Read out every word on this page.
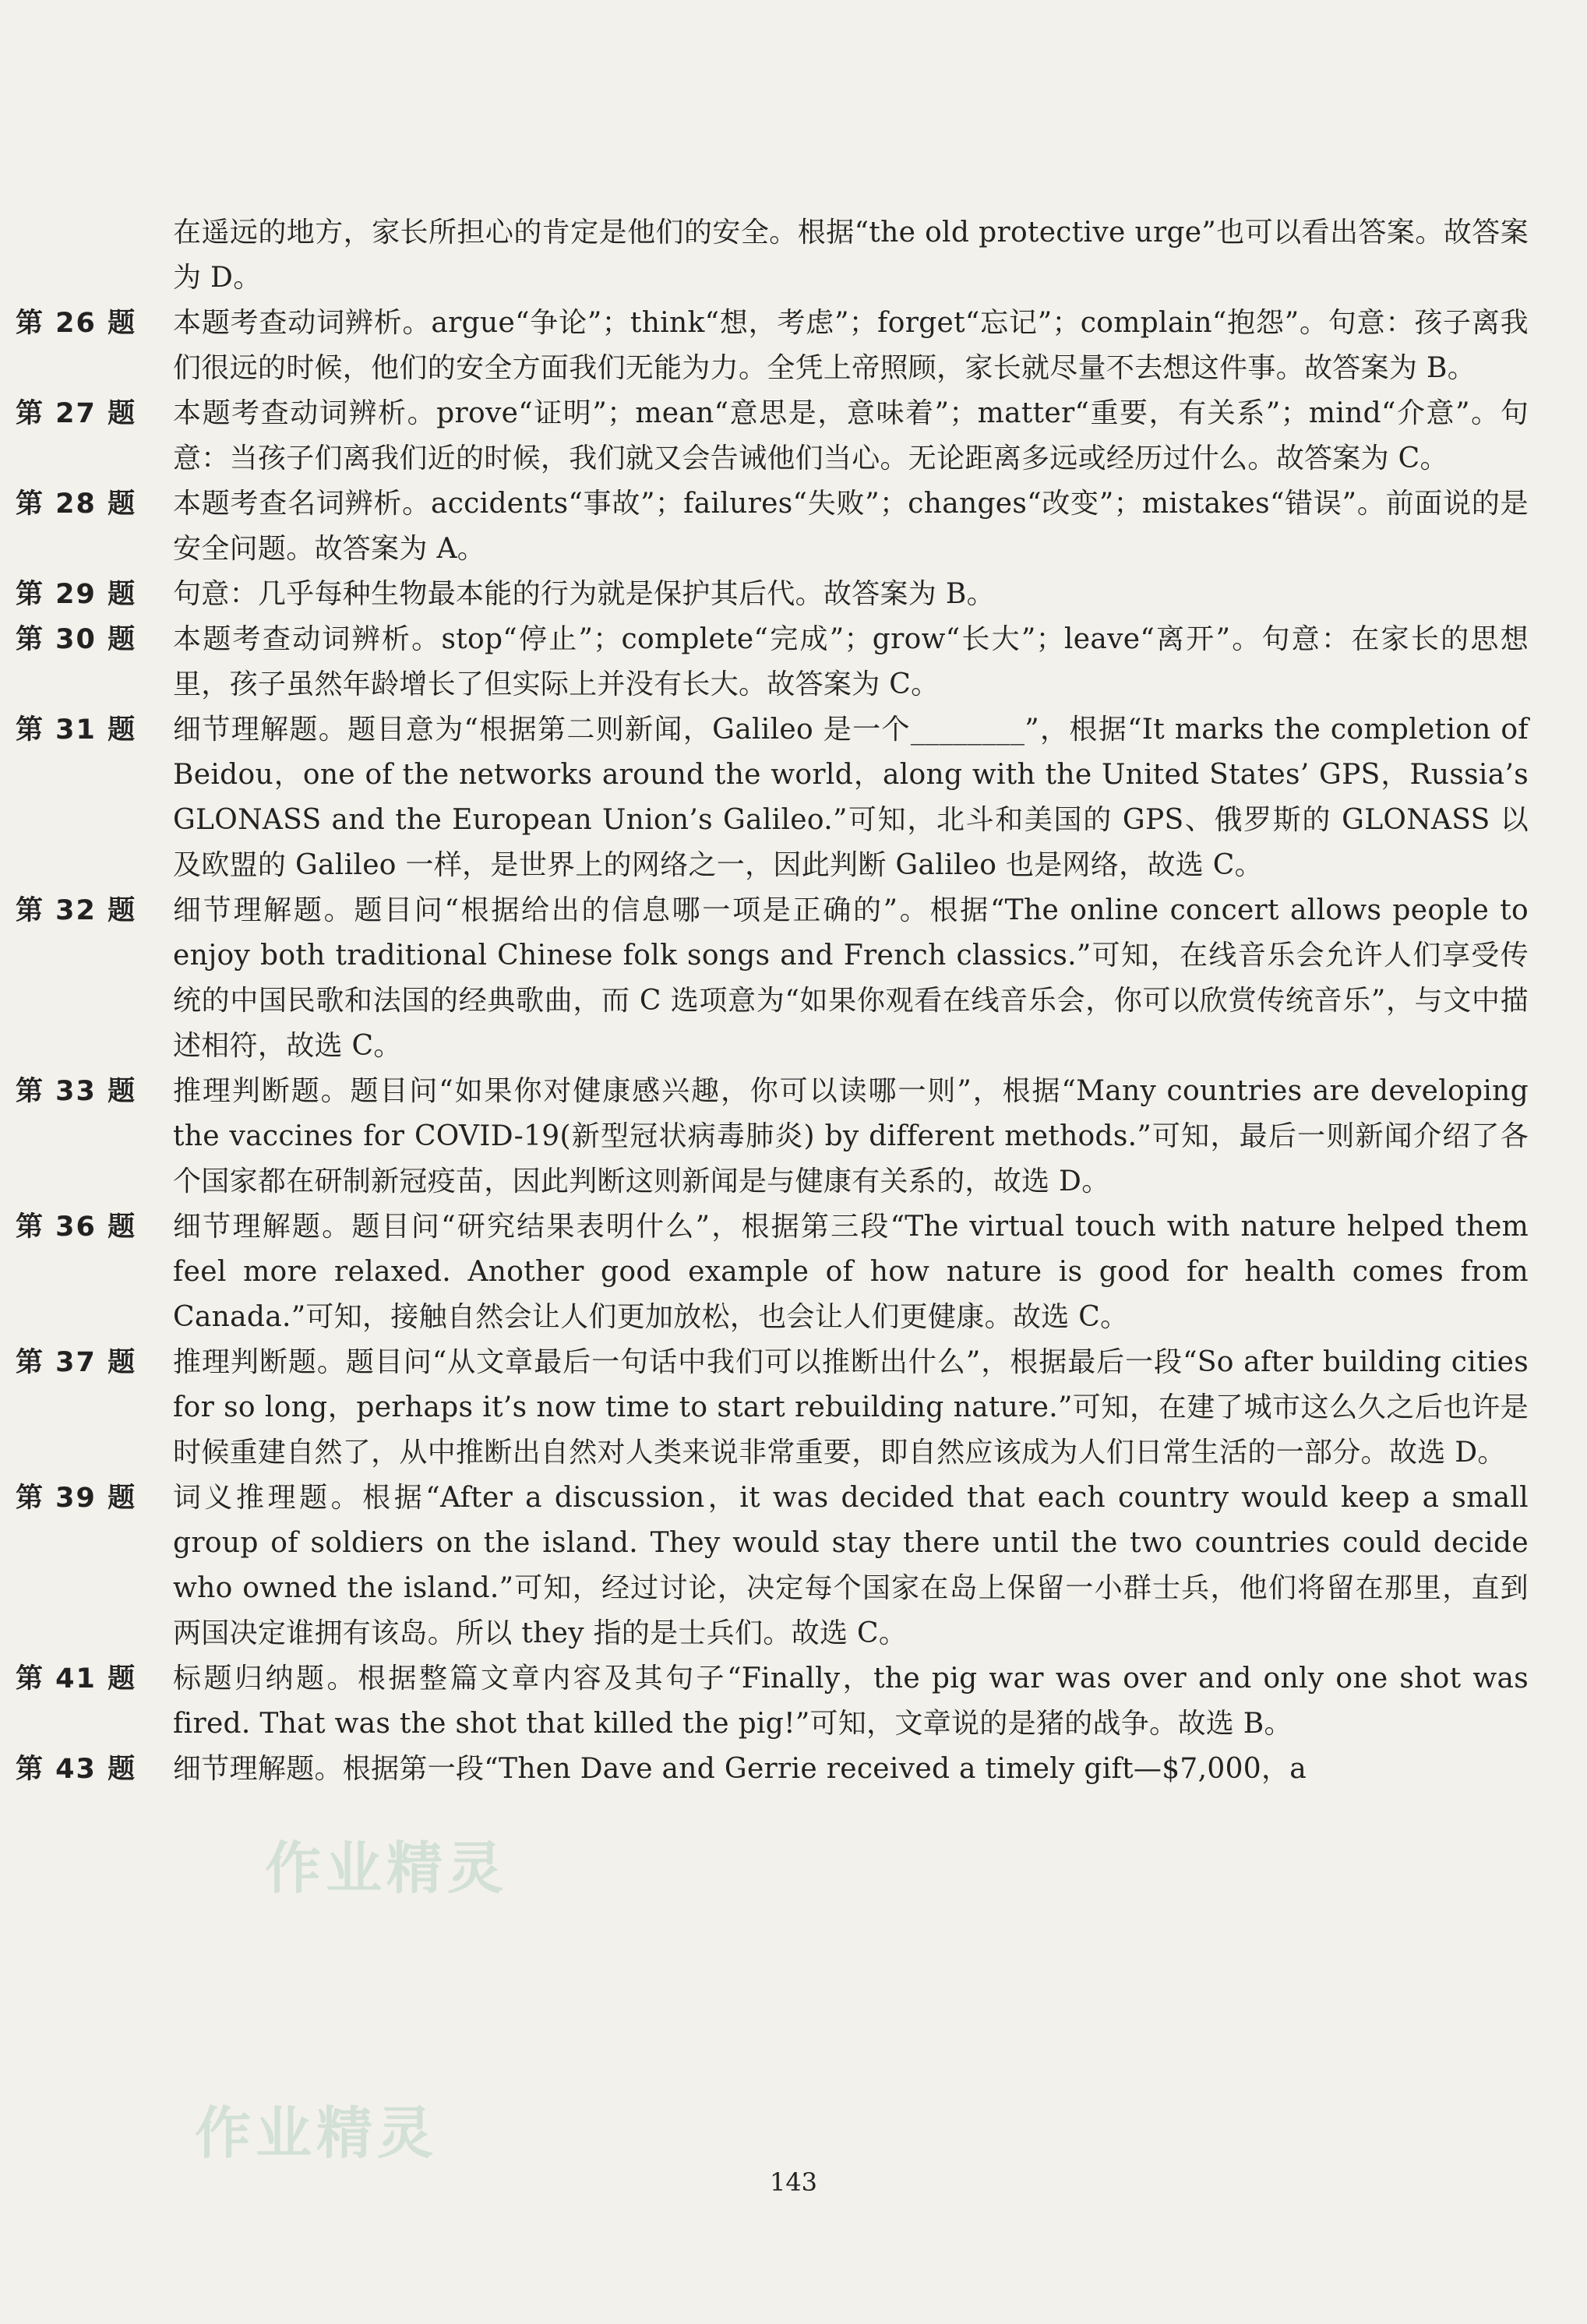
在遥远的地方，家长所担心的肯定是他们的安全。根据“the old protective urge”也可以看出答案。故答案为 D。
第 26 题	本题考查动词辨析。argue“争论”；think“想，考虑”；forget“忘记”；complain“抱怨”。句意：孩子离我们很远的时候，他们的安全方面我们无能为力。全凭上帝照顾，家长就尽量不去想这件事。故答案为 B。
第 27 题	本题考查动词辨析。prove“证明”；mean“意思是，意味着”；matter“重要，有关系”；mind“介意”。句意：当孩子们离我们近的时候，我们就又会告诫他们当心。无论距离多远或经历过什么。故答案为 C。
第 28 题	本题考查名词辨析。accidents“事故”；failures“失败”；changes“改变”；mistakes“错误”。前面说的是安全问题。故答案为 A。
第 29 题	句意：几乎每种生物最本能的行为就是保护其后代。故答案为 B。
第 30 题	本题考查动词辨析。stop“停止”；complete“完成”；grow“长大”；leave“离开”。句意：在家长的思想里，孩子虽然年龄增长了但实际上并没有长大。故答案为 C。
第 31 题	细节理解题。题目意为“根据第二则新闻，Galileo 是一个________”，根据“It marks the completion of Beidou，one of the networks around the world，along with the United States’ GPS，Russia’s GLONASS and the European Union’s Galileo.”可知，北斗和美国的 GPS、俄罗斯的 GLONASS 以及欧盟的 Galileo 一样，是世界上的网络之一，因此判断 Galileo 也是网络，故选 C。
第 32 题	细节理解题。题目问“根据给出的信息哪一项是正确的”。根据“The online concert allows people to enjoy both traditional Chinese folk songs and French classics.”可知，在线音乐会允许人们享受传统的中国民歌和法国的经典歌曲，而 C 选项意为“如果你观看在线音乐会，你可以欣赏传统音乐”，与文中描述相符，故选 C。
第 33 题	推理判断题。题目问“如果你对健康感兴趣，你可以读哪一则”，根据“Many countries are developing the vaccines for COVID-19(新型冠状病毒肺炎) by different methods.”可知，最后一则新闻介绍了各个国家都在研制新冠疫苗，因此判断这则新闻是与健康有关系的，故选 D。
第 36 题	细节理解题。题目问“研究结果表明什么”，根据第三段“The virtual touch with nature helped them feel more relaxed. Another good example of how nature is good for health comes from Canada.”可知，接触自然会让人们更加放松，也会让人们更健康。故选 C。
第 37 题	推理判断题。题目问“从文章最后一句话中我们可以推断出什么”，根据最后一段“So after building cities for so long，perhaps it’s now time to start rebuilding nature.”可知，在建了城市这么久之后也许是时候重建自然了，从中推断出自然对人类来说非常重要，即自然应该成为人们日常生活的一部分。故选 D。
第 39 题	词义推理题。根据“After a discussion，it was decided that each country would keep a small group of soldiers on the island. They would stay there until the two countries could decide who owned the island.”可知，经过讨论，决定每个国家在岛上保留一小群士兵，他们将留在那里，直到两国决定谁拥有该岛。所以 they 指的是士兵们。故选 C。
第 41 题	标题归纳题。根据整篇文章内容及其句子“Finally，the pig war was over and only one shot was fired. That was the shot that killed the pig!”可知，文章说的是猪的战争。故选 B。
第 43 题	细节理解题。根据第一段“Then Dave and Gerrie received a timely gift—$7,000，a
作业精灵
作业精灵
143
